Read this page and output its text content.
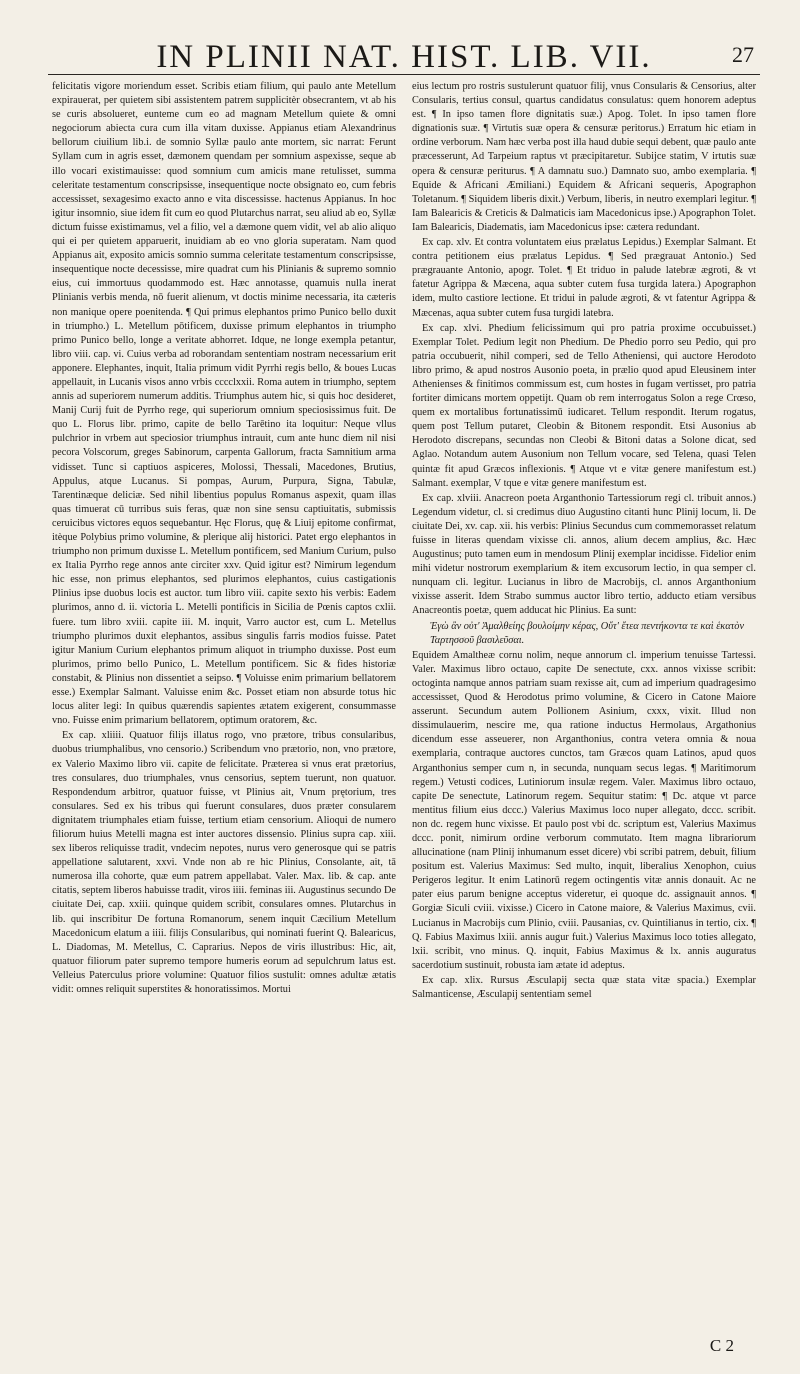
IN PLINII NAT. HIST. LIB. VII.	27

felicitatis vigore moriendum esset. Scribis etiam filium, qui paulo ante Metellum expirauerat, per quietem sibi assistentem patrem supplicitèr obsecrantem, vt ab his se curis absolueret, eunteme cum eo ad magnam Metellum quiete & omni negociorum abiecta cura cum illa vitam duxisse. Appianus etiam Alexandrinus bellorum ciuilium lib.i. de somnio Syllæ paulo ante mortem, sic narrat: Ferunt Syllam cum in agris esset, dæmonem quendam per somnium aspexisse, seque ab illo vocari existimauisse: quod somnium cum amicis mane retulisset, summa celeritate testamentum conscripsisse, insequentique nocte obsignato eo, cum febris accessisset, sexagesimo exacto anno e vita discessisse. hactenus Appianus. In hoc igitur insomnio, siue idem fit cum eo quod Plutarchus narrat, seu aliud ab eo, Syllæ dictum fuisse existimamus, vel a filio, vel a dæmone quem vidit, vel ab alio aliquo qui ei per quietem apparuerit, inuidiam ab eo vno gloria superatam. Nam quod Appianus ait, exposito amicis somnio summa celeritate testamentum conscripsisse, insequentique nocte decessisse, mire quadrat cum his Plinianis & supremo somnio eius, cui immortuus quodammodo est. Hæc annotasse, quamuis nulla inerat Plinianis verbis menda, nō fuerit alienum, vt doctis minime necessaria, ita cæteris non manique opere poenitenda. ¶ Qui primus elephantos primo Punico bello duxit in triumpho.) L. Metellum pōtificem, duxisse primum elephantos in triumpho primo Punico bello, longe a veritate abhorret. Idque, ne longe exempla petantur, libro viii. cap. vi. Cuius verba ad roborandam sententiam nostram necessarium erit apponere. Elephantes, inquit, Italia primum vidit Pyrrhi regis bello, & boues Lucas appellauit, in Lucanis visos anno vrbis cccclxxii. Roma autem in triumpho, septem annis ad superiorem numerum additis. Triumphus autem hic, si quis hoc desideret, Manij Curij fuit de Pyrrho rege, qui superiorum omnium speciosissimus fuit. De quo L. Florus libr. primo, capite de bello Tarētino ita loquitur: Neque vllus pulchrior in vrbem aut speciosior triumphus intrauit, cum ante hunc diem nil nisi pecora Volscorum, greges Sabinorum, carpenta Gallorum, fracta Samnitium arma vidisset. Tunc si captiuos aspiceres, Molossi, Thessali, Macedones, Brutius, Appulus, atque Lucanus. Si pompas, Aurum, Purpura, Signa, Tabulæ, Tarentinæque deliciæ. Sed nihil libentius populus Romanus aspexit, quam illas quas timuerat cū turribus suis feras, quæ non sine sensu captiuitatis, submissis ceruicibus victores equos sequebantur. Hęc Florus, quę & Liuij epitome confirmat, itèque Polybius primo volumine, & plerique alij historici. Patet ergo elephantos in triumpho non primum duxisse L. Metellum pontificem, sed Manium Curium, pulso ex Italia Pyrrho rege annos ante circiter xxv. Quid igitur est? Nimirum legendum hic esse, non primus elephantos, sed plurimos elephantos, cuius castigationis Plinius ipse duobus locis est auctor. tum libro viii. capite sexto his verbis: Eadem plurimos, anno d. ii. victoria L. Metelli pontificis in Sicilia de Pœnis captos cxlii. fuere. tum libro xviii. capite iii. M. inquit, Varro auctor est, cum L. Metellus triumpho plurimos duxit elephantos, assibus singulis farris modios fuisse. Patet igitur Manium Curium elephantos primum aliquot in triumpho duxisse. Post eum plurimos, primo bello Punico, L. Metellum pontificem. Sic & fides historiæ constabit, & Plinius non dissentiet a seipso. ¶ Voluisse enim primarium bellatorem esse.) Exemplar Salmant. Valuisse enim &c. Posset etiam non absurde totus hic locus aliter legi: In quibus quærendis sapientes ætatem exigerent, consummasse vno. Fuisse enim primarium bellatorem, optimum oratorem, &c.

Ex cap. xliiii. Quatuor filijs illatus rogo, vno prætore, tribus consularibus, duobus triumphalibus, vno censorio.) Scribendum vno prætorio, non, vno prætore, ex Valerio Maximo libro vii. capite de felicitate. Præterea si vnus erat prætorius, tres consulares, duo triumphales, vnus censorius, septem tuerunt, non quatuor. Respondendum arbitror, quatuor fuisse, vt Plinius ait, Vnum prętorium, tres consulares. Sed ex his tribus qui fuerunt consulares, duos præter consularem dignitatem triumphales etiam fuisse, tertium etiam censorium. Alioqui de numero filiorum huius Metelli magna est inter auctores dissensio. Plinius supra cap. xiii. sex liberos reliquisse tradit, vndecim nepotes, nurus vero generosque qui se patris appellatione salutarent, xxvi. Vnde non ab re hic Plinius, Consolante, ait, tā numerosa illa cohorte, quæ eum patrem appellabat. Valer. Max. lib. & cap. ante citatis, septem liberos habuisse tradit, viros iiii. feminas iii. Augustinus secundo De ciuitate Dei, cap. xxiii. quinque quidem scribit, consulares omnes. Plutarchus in lib. qui inscribitur De fortuna Romanorum, senem inquit Cæcilium Metellum Macedonicum elatum a iiii. filijs Consularibus, qui nominati fuerint Q. Balearicus, L. Diadomas, M. Metellus, C. Caprarius. Nepos de viris illustribus: Hic, ait, quatuor filiorum pater supremo tempore humeris eorum ad sepulchrum latus est. Velleius Paterculus priore volumine: Quatuor filios sustulit: omnes adultæ ætatis vidit: omnes reliquit superstites & honoratissimos. Mortui

eius lectum pro rostris sustulerunt quatuor filij, vnus Consularis & Censorius, alter Consularis, tertius consul, quartus candidatus consulatus: quem honorem adeptus est. ¶ In ipso tamen flore dignitatis suæ.) Apog. Tolet. In ipso tamen flore dignationis suæ. ¶ Virtutis suæ opera & censuræ peritorus.) Erratum hic etiam in ordine verborum. Nam hæc verba post illa haud dubie sequi debent, quæ paulo ante præcesserunt, Ad Tarpeium raptus vt præcipitaretur. Subijce statim, V irtutis suæ opera & censuræ periturus. ¶ A damnatu suo.) Damnato suo, ambo exemplaria. ¶ Equide & Africani Æmiliani.) Equidem & Africani sequeris, Apographon Toletanum. ¶ Siquidem liberis dixit.) Verbum, liberis, in neutro exemplari legitur. ¶ Iam Balearicis & Creticis & Dalmaticis iam Macedonicus ipse.) Apographon Tolet. Iam Balearicis, Diadematis, iam Macedonicus ipse: cætera redundant.

Ex cap. xlv. Et contra voluntatem eius prælatus Lepidus.) Exemplar Salmant. Et contra petitionem eius prælatus Lepidus. ¶ Sed prægrauat Antonio.) Sed prægrauante Antonio, apogr. Tolet. ¶ Et triduo in palude latebræ ægroti, & vt fatetur Agrippa & Mæcena, aqua subter cutem fusa turgida latera.) Apographon idem, multo castiore lectione. Et tridui in palude ægroti, & vt fatentur Agrippa & Mæcenas, aqua subter cutem fusa turgidi latebra.

Ex cap. xlvi. Phedium felicissimum qui pro patria proxime occubuisset.) Exemplar Tolet. Pedium legit non Phedium. De Phedio porro seu Pedio, qui pro patria occubuerit, nihil comperi, sed de Tello Atheniensi, qui auctore Herodoto libro primo, & apud nostros Ausonio poeta, in prælio quod apud Eleusinem inter Athenienses & finitimos commissum est, cum hostes in fugam vertisset, pro patria fortiter dimicans mortem oppetijt. Quam ob rem interrogatus Solon a rege Crœso, quem ex mortalibus fortunatissimū iudicaret. Tellum respondit. Iterum rogatus, quem post Tellum putaret, Cleobin & Bitonem respondit. Etsi Ausonius ab Herodoto discrepans, secundas non Cleobi & Bitoni datas a Solone dicat, sed Aglao. Notandum autem Ausonium non Tellum vocare, sed Telena, quasi Telen quintæ fit apud Græcos inflexionis. ¶ Atque vt e vitæ genere manifestum est.) Salmant. exemplar, V tque e vitæ genere manifestum est.

Ex cap. xlviii. Anacreon poeta Arganthonio Tartessiorum regi cl. tribuit annos.) Legendum videtur, cl. si credimus diuo Augustino citanti hunc Plinij locum, li. De ciuitate Dei, xv. cap. xii. his verbis: Plinius Secundus cum commemorasset relatum fuisse in literas quendam vixisse cli. annos, alium decem amplius, &c. Hæc Augustinus; puto tamen eum in mendosum Plinij exemplar incidisse. Fidelior enim mihi videtur nostrorum exemplarium & item excusorum lectio, in qua semper cl. nunquam cli. legitur. Lucianus in libro de Macrobijs, cl. annos Arganthonium vixisse asserit. Idem Strabo summus auctor libro tertio, adducto etiam versibus Anacreontis poetæ, quem adducat hic Plinius. Ea sunt:

Ἐγὼ ἂν οὐτ' Ἀμαλθείης βουλοίμην κέρας, Οὔτ' ἔτεα πεντήκοντα τε καὶ ἑκατὸν Ταρτησσοῦ βασιλεῦσαι.

Equidem Amaltheæ cornu nolim, neque annorum cl. imperium tenuisse Tartessi. Valer. Maximus libro octauo, capite De senectute, cxx. annos vixisse scribit: octoginta namque annos patriam suam rexisse ait, cum ad imperium quadragesimo accessisset, Quod & Herodotus primo volumine, & Cicero in Catone Maiore asserunt. Secundum autem Pollionem Asinium, cxxx, vixit. Illud non dissimulauerim, nescire me, qua ratione inductus Hermolaus, Argathonius dicendum esse asseuerer, non Arganthonius, contra vetera omnia & noua exemplaria, contraque auctores cunctos, tam Græcos quam Latinos, apud quos Arganthonius semper cum n, in secunda, nunquam secus legas. ¶ Maritimorum regem.) Vetusti codices, Lutiniorum insulæ regem. Valer. Maximus libro octauo, capite De senectute, Latinorum regem. Sequitur statim: ¶ Dc. atque vt parce mentitus filium eius dccc.) Valerius Maximus loco nuper allegato, dccc. scribit. non dc. regem hunc vixisse. Et paulo post vbi dc. scriptum est, Valerius Maximus dccc. ponit, nimirum ordine verborum commutato. Item magna librariorum allucinatione (nam Plinij inhumanum esset dicere) vbi scribi patrem, debuit, filium positum est. Valerius Maximus: Sed multo, inquit, liberalius Xenophon, cuius Perigeros legitur. It enim Latinorū regem octingentis vitæ annis donauit. Ac ne pater eius parum benigne acceptus videretur, ei quoque dc. assignauit annos. ¶ Gorgiæ Siculi cviii. vixisse.) Cicero in Catone maiore, & Valerius Maximus, cvii. Lucianus in Macrobijs cum Plinio, cviii. Pausanias, cv. Quintilianus in tertio, cix. ¶ Q. Fabius Maximus lxiii. annis augur fuit.) Valerius Maximus loco toties allegato, lxii. scribit, vno minus. Q. inquit, Fabius Maximus & lx. annis auguratus sacerdotium sustinuit, robusta iam ætate id adeptus.

Ex cap. xlix. Rursus Æsculapij secta quæ stata vitæ spacia.) Exemplar Salmanticense, Æsculapij sententiam semel

C 2
